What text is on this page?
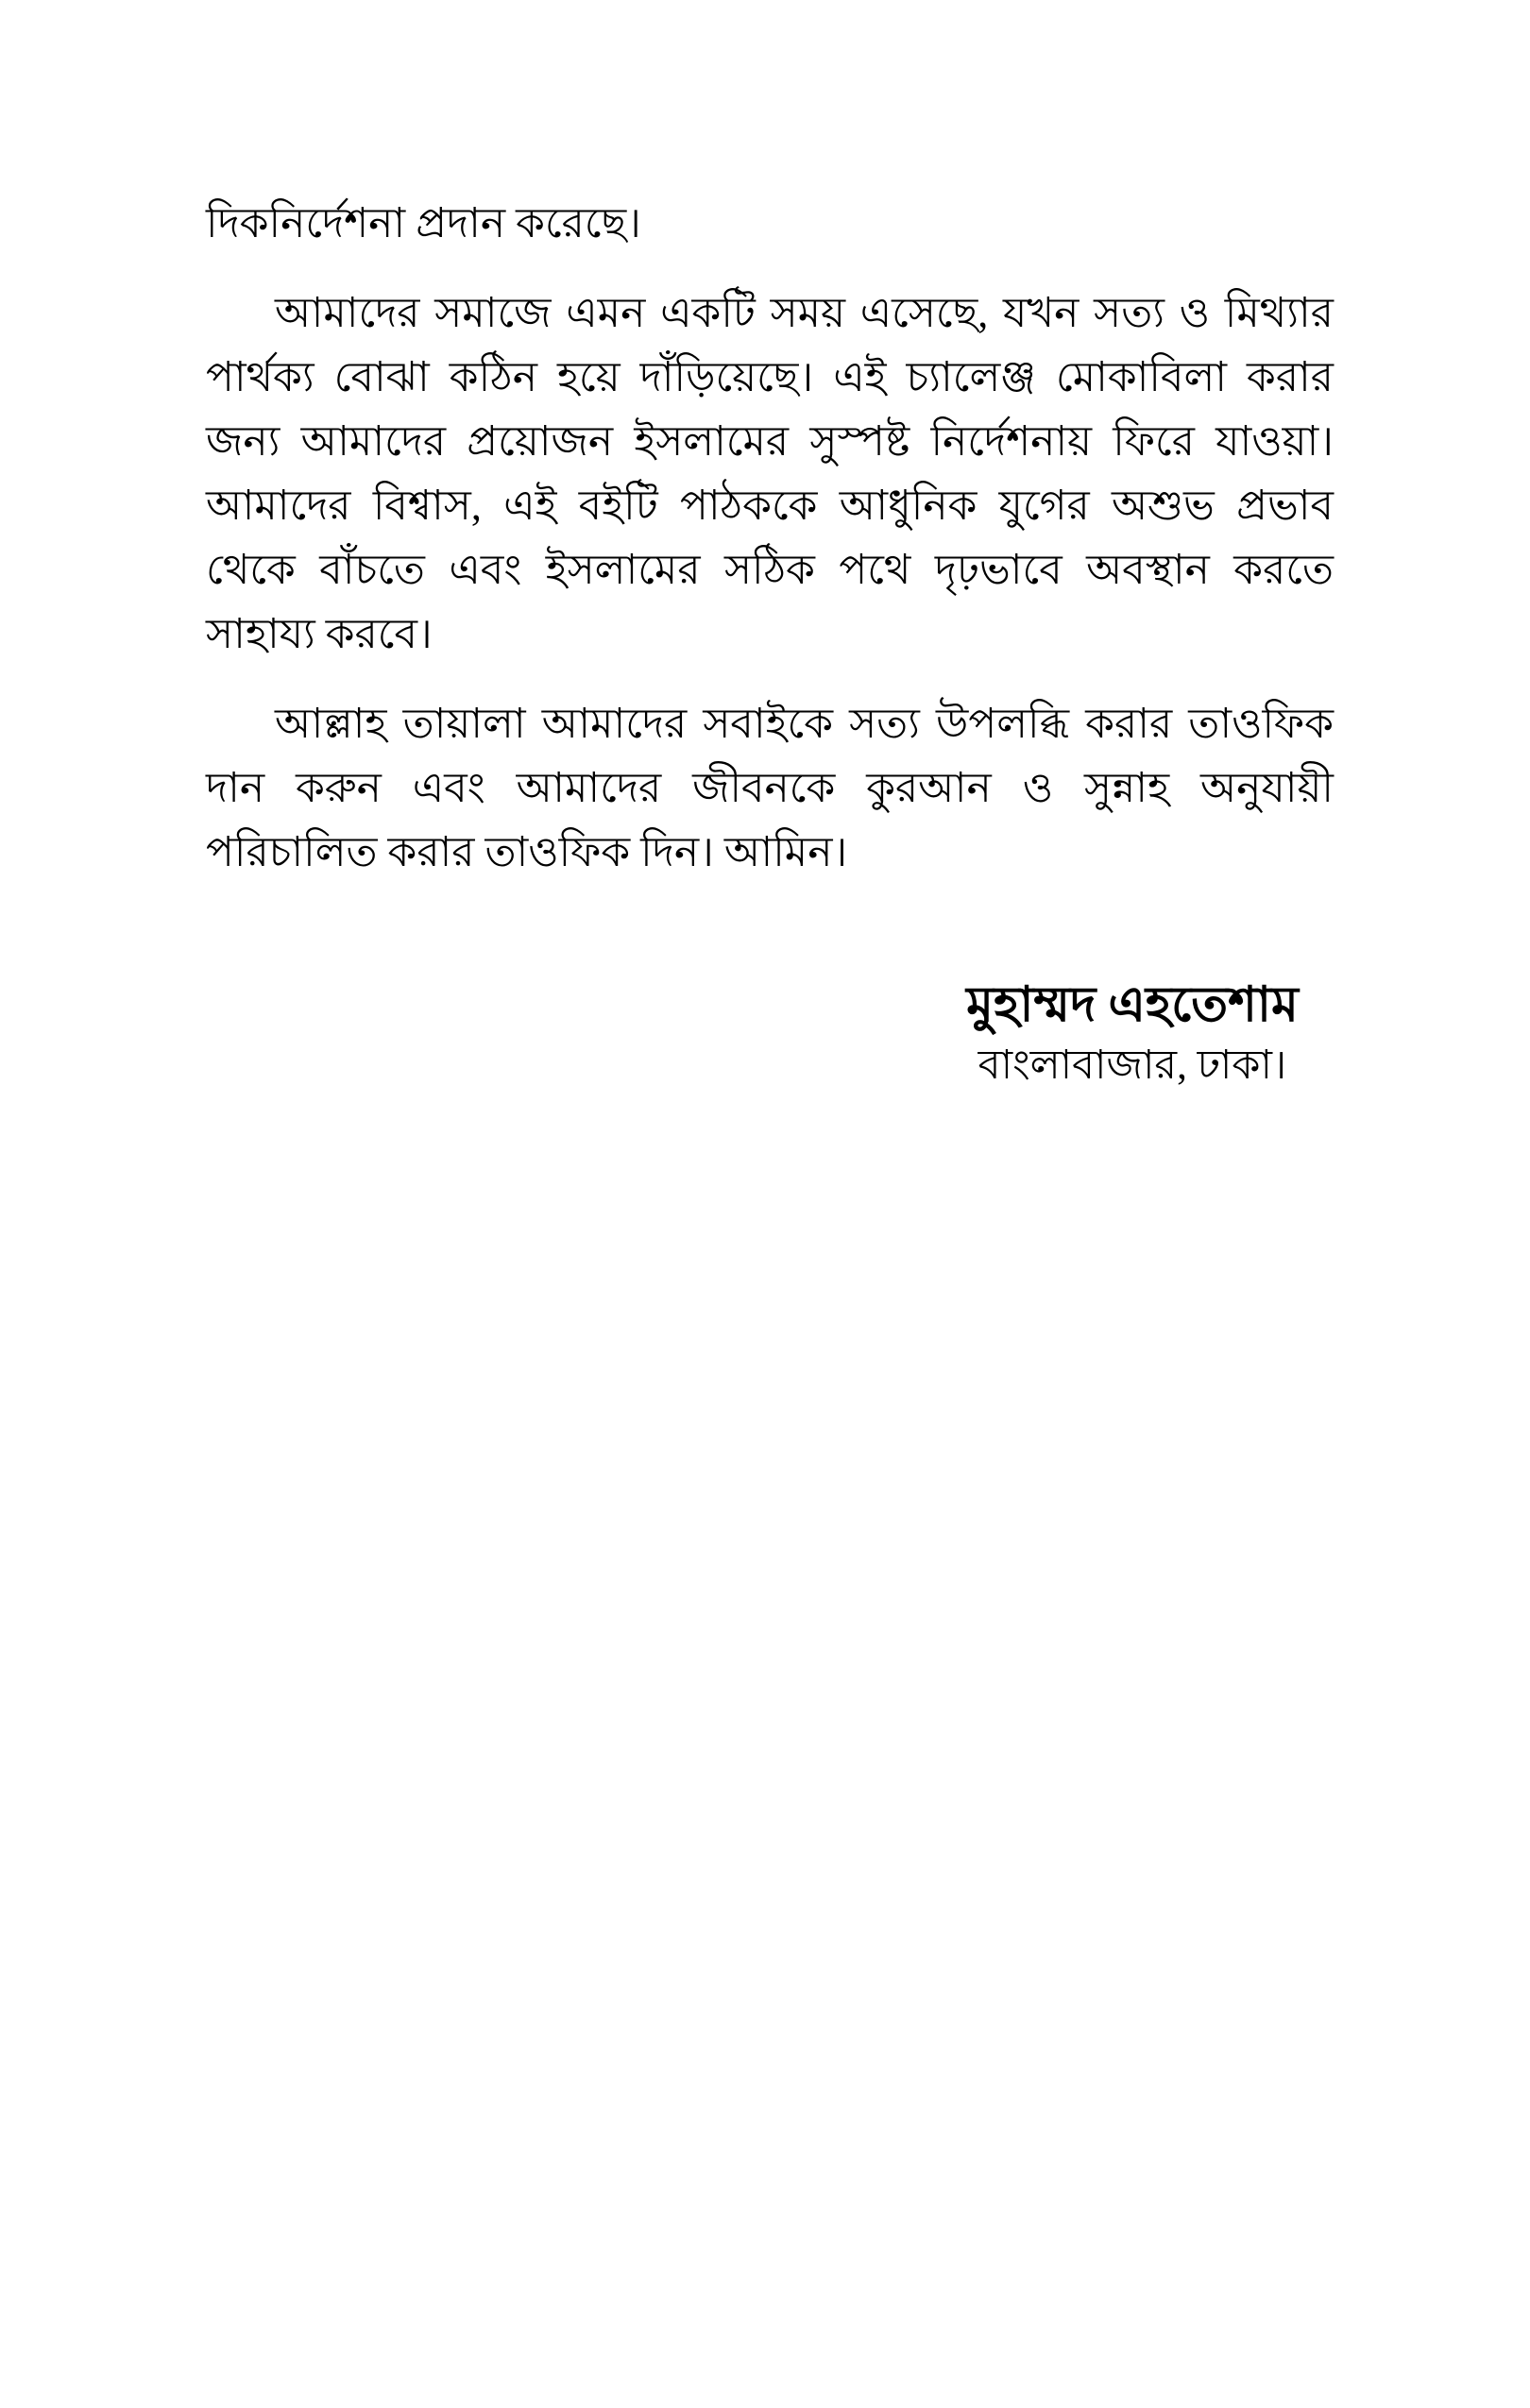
দিকনির্দেশনা প্রদান করেছে।

আমাদের সমাজে এমন একটি সময় এসেছে, যখন সত্য ও মিথ্যার পার্থক্য বোঝা কঠিন হয়ে দাঁড়িয়েছে। এই চ্যালেঞ্জ মোকাবিলা করার জন্য আমাদের প্রয়োজন ইসলামের সুস্পষ্ট নির্দেশনায় ফিরে যাওয়া। আমাদের বিশ্বাস, এই বইটি পাঠককে আধুনিক যুগের অশুভ প্রভাব থেকে বাঁচতে এবং ইসলামের সঠিক পথে দৃঢ়ভাবে অবস্থান করতে সাহায্য করবে।

আল্লাহ তায়ালা আমাদের সবাইকে সত্য উপলব্ধি করার তাওফিক দান করুন এবং আমাদের জীবনকে কুরআন ও সুন্নাহ অনুযায়ী পরিচালিত করার তাওফিক দিন। আমিন।

মুহাম্মদ এহতেশাম
বাংলাবাজার, ঢাকা।
